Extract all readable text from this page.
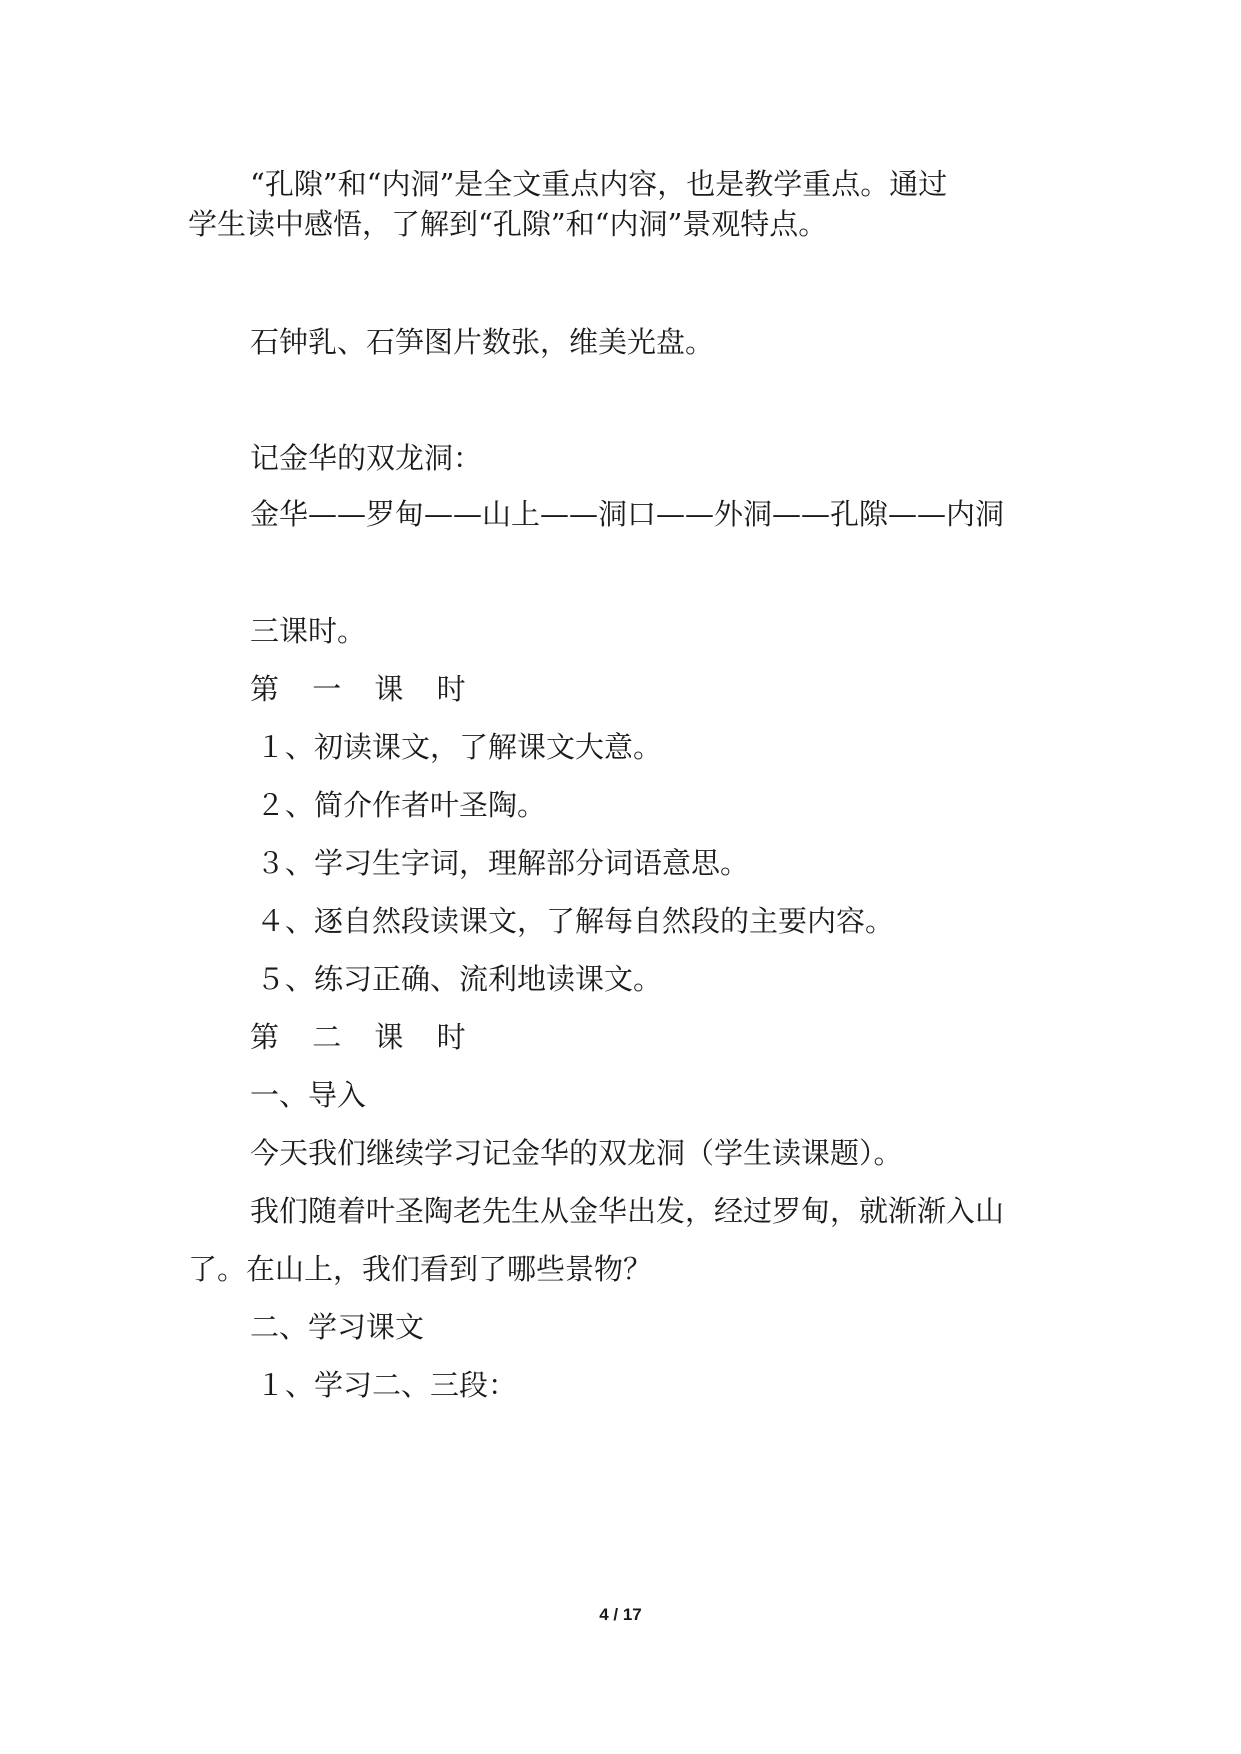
“孔隙”和“内洞”是全文重点内容，也是教学重点。通过
学生读中感悟，了解到“孔隙”和“内洞”景观特点。
石钟乳、石笋图片数张，维美光盘。
记金华的双龙洞：
金华——罗甸——山上——洞口——外洞——孔隙——内洞
三课时。
第 一 课 时
１、初读课文，了解课文大意。
２、简介作者叶圣陶。
３、学习生字词，理解部分词语意思。
４、逐自然段读课文，了解每自然段的主要内容。
５、练习正确、流利地读课文。
第 二 课 时
一、导入
今天我们继续学习记金华的双龙洞（学生读课题）。
我们随着叶圣陶老先生从金华出发，经过罗甸，就渐渐入山
了。在山上，我们看到了哪些景物？
二、学习课文
１、学习二、三段：
4 / 17
